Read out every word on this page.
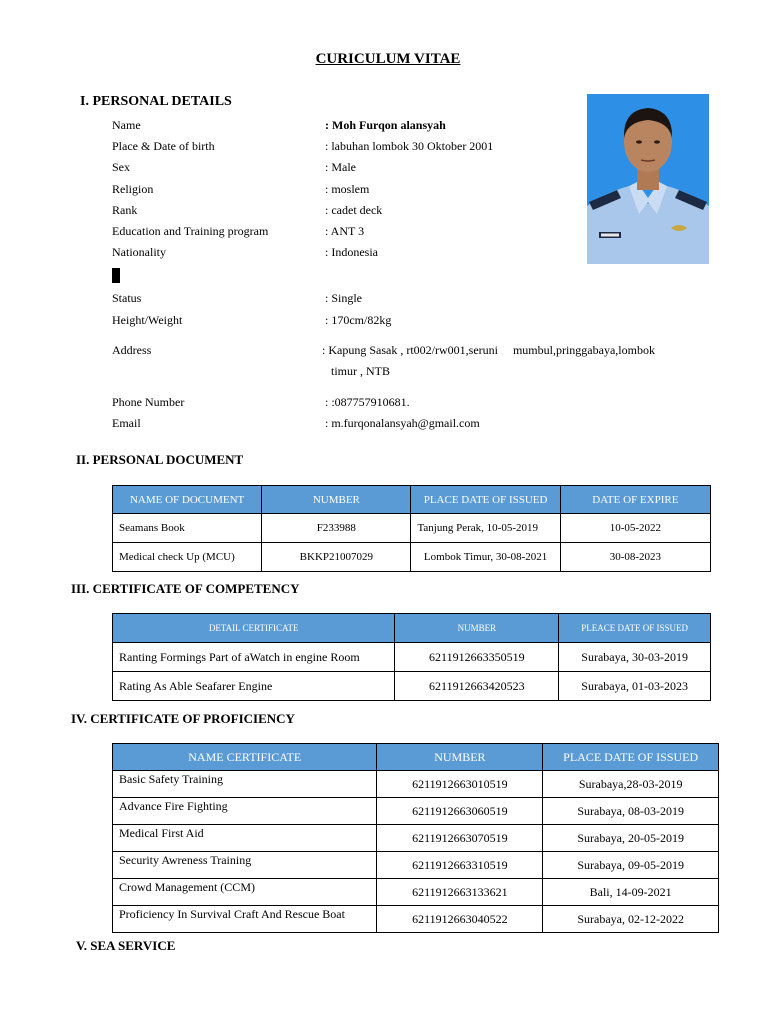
CURICULUM VITAE
I. PERSONAL DETAILS
Name	: Moh Furqon alansyah
Place & Date of birth	: labuhan lombok 30 Oktober 2001
Sex	: Male
Religion	: moslem
Rank	: cadet deck
Education and Training program	: ANT 3
Nationality	: Indonesia
Status	: Single
Height/Weight	: 170cm/82kg
Address	: Kapung Sasak , rt002/rw001,seruni     mumbul,pringgabaya,lombok
timur , NTB
Phone Number	: :087757910681.
Email	: m.furqonalansyah@gmail.com
II. PERSONAL DOCUMENT
NAME OF DOCUMENT	NUMBER	PLACE DATE OF ISSUED	DATE OF EXPIRE
Seamans Book	F233988	Tanjung Perak, 10-05-2019	10-05-2022
Medical check Up (MCU)	BKKP21007029	Lombok Timur, 30-08-2021	30-08-2023
III. CERTIFICATE OF COMPETENCY
DETAIL CERTIFICATE	NUMBER	PLEACE DATE OF ISSUED
Ranting Formings Part of aWatch in engine Room	6211912663350519	Surabaya, 30-03-2019
Rating As Able Seafarer Engine	6211912663420523	Surabaya, 01-03-2023
IV. CERTIFICATE OF PROFICIENCY
NAME CERTIFICATE	NUMBER	PLACE DATE OF ISSUED
Basic Safety Training	6211912663010519	Surabaya,28-03-2019
Advance Fire Fighting	6211912663060519	Surabaya, 08-03-2019
Medical First Aid	6211912663070519	Surabaya, 20-05-2019
Security Awreness Training	6211912663310519	Surabaya, 09-05-2019
Crowd Management (CCM)	6211912663133621	Bali, 14-09-2021
Proficiency In Survival Craft And Rescue Boat	6211912663040522	Surabaya, 02-12-2022
V. SEA SERVICE
